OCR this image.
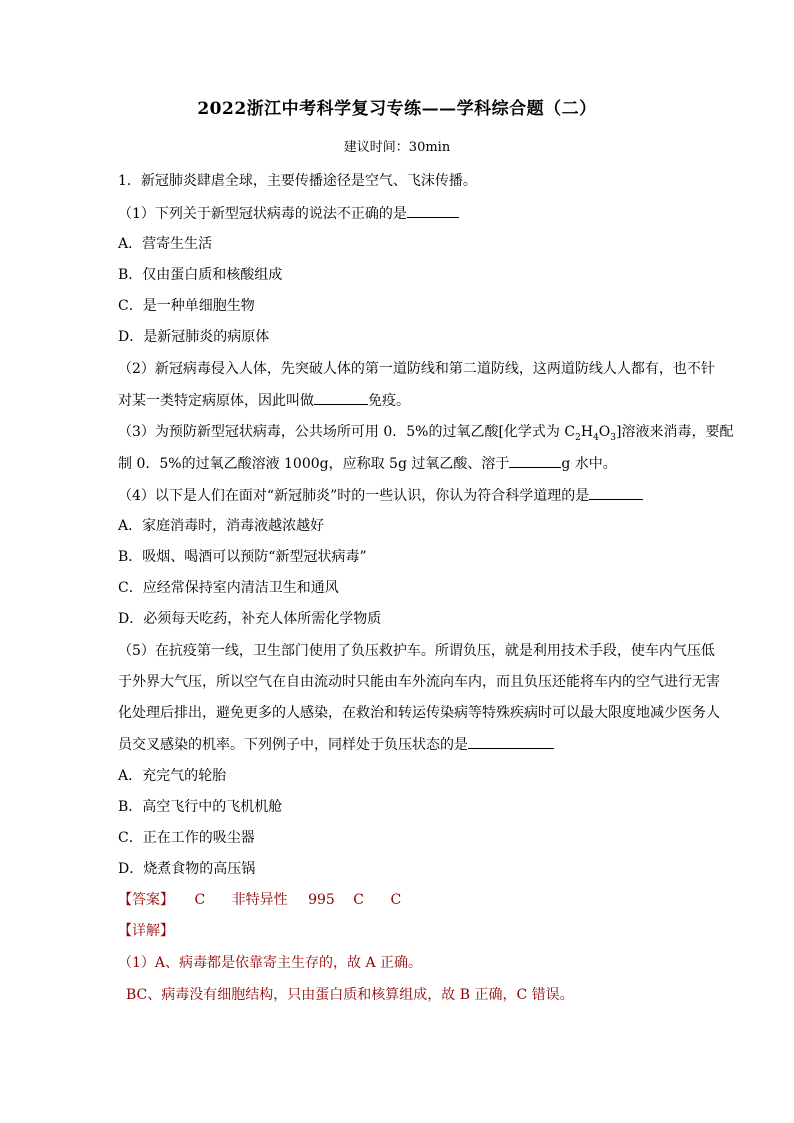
2022浙江中考科学复习专练——学科综合题（二）
建议时间：30min
1．新冠肺炎肆虐全球，主要传播途径是空气、飞沫传播。
（1）下列关于新型冠状病毒的说法不正确的是
A．营寄生生活
B．仅由蛋白质和核酸组成
C．是一种单细胞生物
D．是新冠肺炎的病原体
（2）新冠病毒侵入人体，先突破人体的第一道防线和第二道防线，这两道防线人人都有，也不针
对某一类特定病原体，因此叫做	免疫。
（3）为预防新型冠状病毒，公共场所可用 0．5%的过氧乙酸[化学式为 $C_2H_4O_3$]溶液来消毒，要配
制 0．5%的过氧乙酸溶液 1000g，应称取 5g 过氧乙酸、溶于	g 水中。
（4）以下是人们在面对“新冠肺炎”时的一些认识，你认为符合科学道理的是
A．家庭消毒时，消毒液越浓越好
B．吸烟、喝酒可以预防“新型冠状病毒”
C．应经常保持室内清洁卫生和通风
D．必须每天吃药，补充人体所需化学物质
（5）在抗疫第一线，卫生部门使用了负压救护车。所谓负压，就是利用技术手段，使车内气压低
于外界大气压，所以空气在自由流动时只能由车外流向车内，而且负压还能将车内的空气进行无害
化处理后排出，避免更多的人感染，在救治和转运传染病等特殊疾病时可以最大限度地减少医务人
员交叉感染的机率。下列例子中，同样处于负压状态的是
A．充完气的轮胎
B．高空飞行中的飞机机舱
C．正在工作的吸尘器
D．烧煮食物的高压锅
【答案】 C 非特异性 995 C C
【详解】
（1）A、病毒都是依靠寄主生存的，故 A 正确。
BC、病毒没有细胞结构，只由蛋白质和核算组成，故 B 正确，C 错误。
